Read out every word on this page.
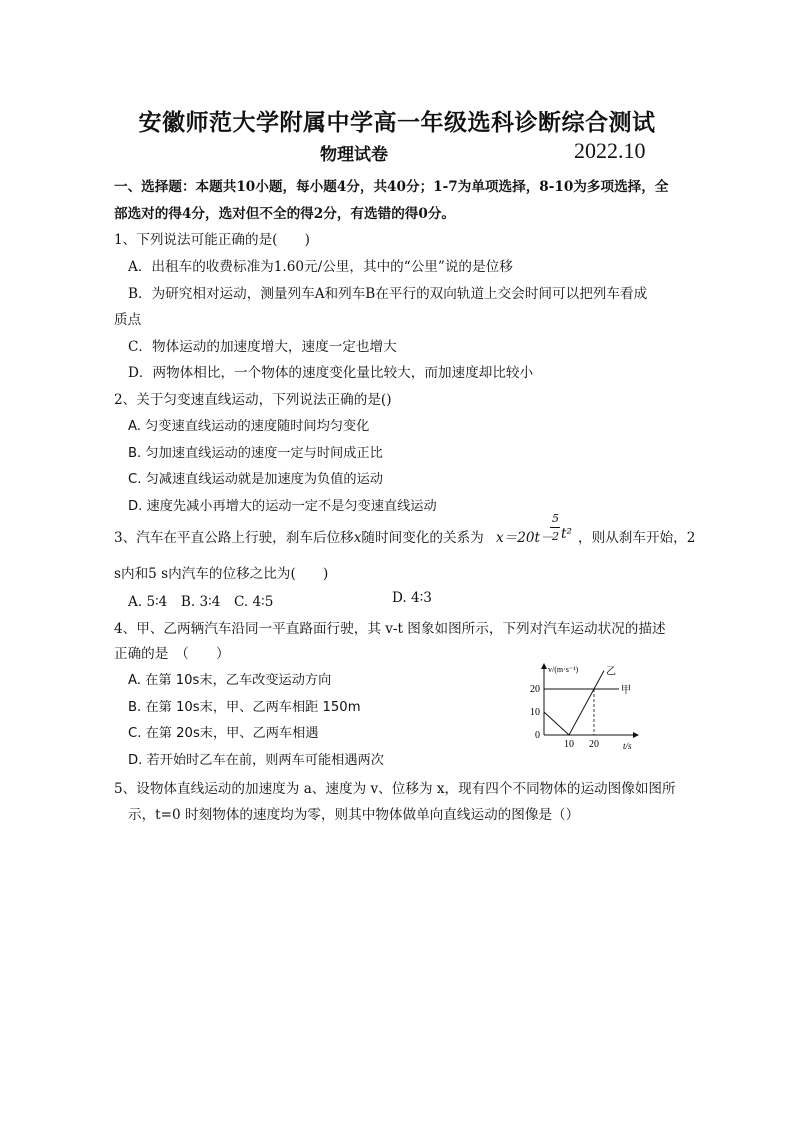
安徽师范大学附属中学高一年级选科诊断综合测试
物理试卷	2022.10
一、选择题：本题共10小题，每小题4分，共40分；1-7为单项选择，8-10为多项选择，全
部选对的得4分，选对但不全的得2分，有选错的得0分。
1、下列说法可能正确的是(　　)
A．出租车的收费标准为1.60元/公里，其中的“公里”说的是位移
B．为研究相对运动，测量列车A和列车B在平行的双向轨道上交会时间可以把列车看成
质点
C．物体运动的加速度增大，速度一定也增大
D．两物体相比，一个物体的速度变化量比较大，而加速度却比较小
2、关于匀变速直线运动，下列说法正确的是()
A. 匀变速直线运动的速度随时间均匀变化
B. 匀加速直线运动的速度一定与时间成正比
C. 匀减速直线运动就是加速度为负值的运动
D. 速度先减小再增大的运动一定不是匀变速直线运动
3、汽车在平直公路上行驶，刹车后位移x随时间变化的关系为 x＝20t－
5
2 t² ，则从刹车开始，2
s内和5 s内汽车的位移之比为(　　)
A. 5∶4　B. 3∶4　C. 4∶5	D. 4∶3
4、甲、乙两辆汽车沿同一平直路面行驶，其 v-t 图象如图所示，下列对汽车运动状况的描述
正确的是　（　　）
A. 在第 10s末，乙车改变运动方向
B. 在第 10s末，甲、乙两车相距 150m
C. 在第 20s末，甲、乙两车相遇
D. 若开始时乙车在前，则两车可能相遇两次
v/(m·s⁻¹)
t/s
0
10 20
10
20	甲
乙
5、设物体直线运动的加速度为 a、速度为 v、位移为 x，现有四个不同物体的运动图像如图所
示，t=0 时刻物体的速度均为零，则其中物体做单向直线运动的图像是（）
